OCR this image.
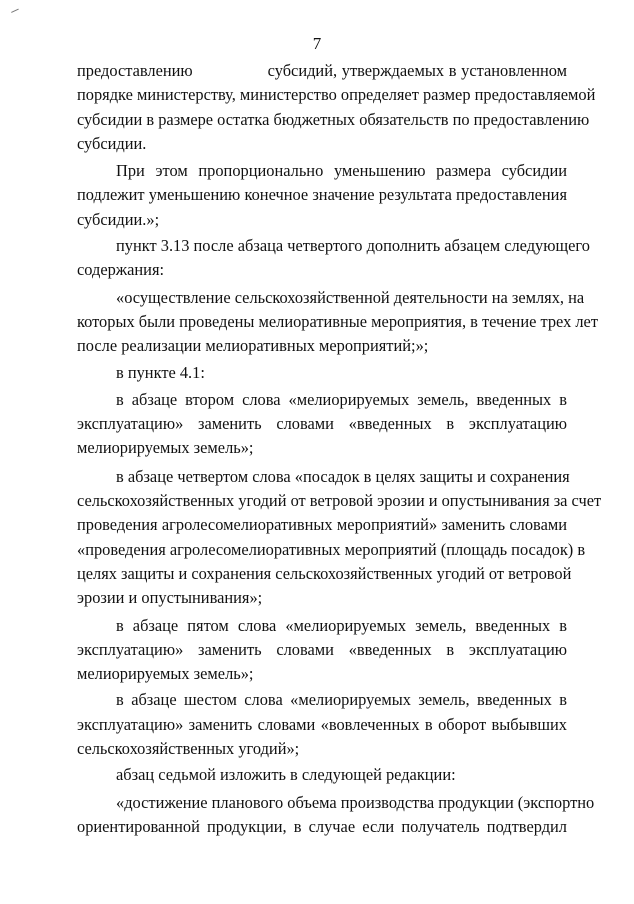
7

предоставлению                субсидий, утверждаемых в установленном
порядке министерству, министерство определяет размер предоставляемой
субсидии в размере остатка бюджетных обязательств по предоставлению
субсидии.

При этом пропорционально уменьшению размера субсидии
подлежит уменьшению конечное значение результата предоставления
субсидии.»;

пункт 3.13 после абзаца четвертого дополнить абзацем следующего
содержания:

«осуществление сельскохозяйственной деятельности на землях, на
которых были проведены мелиоративные мероприятия, в течение трех лет
после реализации мелиоративных мероприятий;»;

в пункте 4.1:

в абзаце втором слова «мелиорируемых земель, введенных в
эксплуатацию» заменить словами «введенных в эксплуатацию
мелиорируемых земель»;

в абзаце четвертом слова «посадок в целях защиты и сохранения
сельскохозяйственных угодий от ветровой эрозии и опустынивания за счет
проведения агролесомелиоративных мероприятий» заменить словами
«проведения агролесомелиоративных мероприятий (площадь посадок) в
целях защиты и сохранения сельскохозяйственных угодий от ветровой
эрозии и опустынивания»;

в абзаце пятом слова «мелиорируемых земель, введенных в
эксплуатацию» заменить словами «введенных в эксплуатацию
мелиорируемых земель»;

в абзаце шестом слова «мелиорируемых земель, введенных в
эксплуатацию» заменить словами «вовлеченных в оборот выбывших
сельскохозяйственных угодий»;

абзац седьмой изложить в следующей редакции:

«достижение планового объема производства продукции (экспортно
ориентированной продукции, в случае если получатель подтвердил
